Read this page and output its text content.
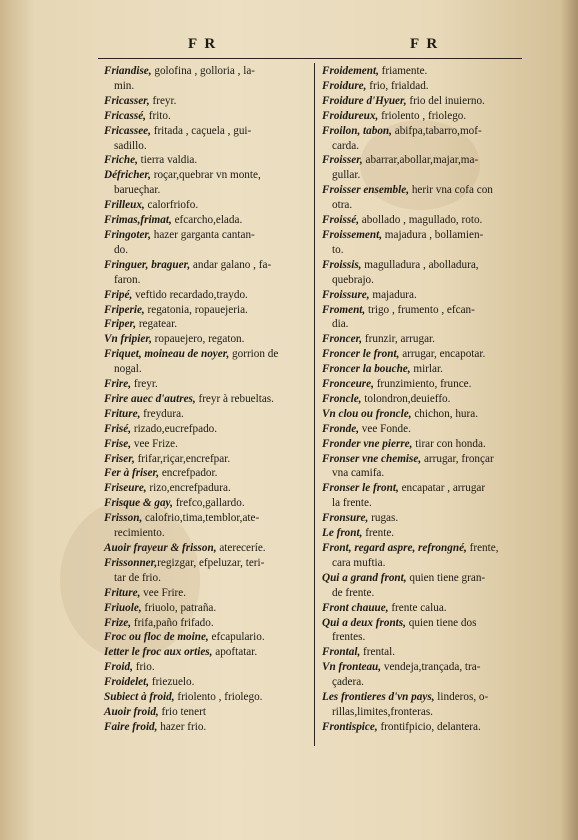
F R	F R
Friandise, golofina , golloria , la-
min.
Fricasser, freyr.
Fricassé, frito.
Fricassee, fritada , caçuela , gui-
sadillo.
Friche, tierra valdia.
Défricher, roçar,quebrar vn monte,
barueçhar.
Frilleux, calorfriofo.
Frimas,frimat, efcarcho,elada.
Fringoter, hazer garganta cantan-
do.
Fringuer, braguer, andar galano , fa-
faron.
Fripé, veftido recardado,traydo.
Friperie, regatonia, ropauejeria.
Friper, regatear.
Vn fripier, ropauejero, regaton.
Friquet, moineau de noyer, gorrion de
nogal.
Frire, freyr.
Frire auec d'autres, freyr à rebueltas.
Friture, freydura.
Frisé, rizado,eucrefpado.
Frise, vee Frize.
Friser, frifar,riçar,encrefpar.
Fer à friser, encrefpador.
Friseure, rizo,encrefpadura.
Frisque & gay, frefco,gallardo.
Frisson, calofrio,tima,temblor,ate-
recimiento.
Auoir frayeur & frisson, atereceríe.
Frissonner,regizgar, efpeluzar, teri-
tar de frio.
Friture, vee Frire.
Friuole, friuolo, patraña.
Frize, frifa,paño frifado.
Froc ou floc de moine, efcapulario.
Ietter le froc aux orties, apoftatar.
Froid, frio.
Froidelet, friezuelo.
Subiect à froid, friolento , friolego.
Auoir froid, frio tenert
Faire froid, hazer frio.
Froidement, friamente.
Froidure, frio, frialdad.
Froidure d'Hyuer, frio del inuierno.
Froidureux, friolento , friolego.
Froilon, tabon, abifpa,tabarro,mof-
carda.
Froisser, abarrar,abollar,majar,ma-
gullar.
Froisser ensemble, herir vna cofa con
otra.
Froissé, abollado , magullado, roto.
Froissement, majadura , bollamien-
to.
Froissis, magulladura , abolladura,
quebrajo.
Froissure, majadura.
Froment, trigo , frumento , efcan-
dia.
Froncer, frunzir, arrugar.
Froncer le front, arrugar, encapotar.
Froncer la bouche, mirlar.
Fronceure, frunzimiento, frunce.
Froncle, tolondron,deuieffo.
Vn clou ou froncle, chichon, hura.
Fronde, vee Fonde.
Fronder vne pierre, tirar con honda.
Fronser vne chemise, arrugar, fronçar
vna camifa.
Fronser le front, encapatar , arrugar
la frente.
Fronsure, rugas.
Le front, frente.
Front, regard aspre, refrongné, frente,
cara muftia.
Qui a grand front, quien tiene gran-
de frente.
Front chauue, frente calua.
Qui a deux fronts, quien tiene dos
frentes.
Frontal, frental.
Vn fronteau, vendeja,trançada, tra-
çadera.
Les frontieres d'vn pays, linderos, o-
rillas,limites,fronteras.
Frontispice, frontifpicio, delantera.
